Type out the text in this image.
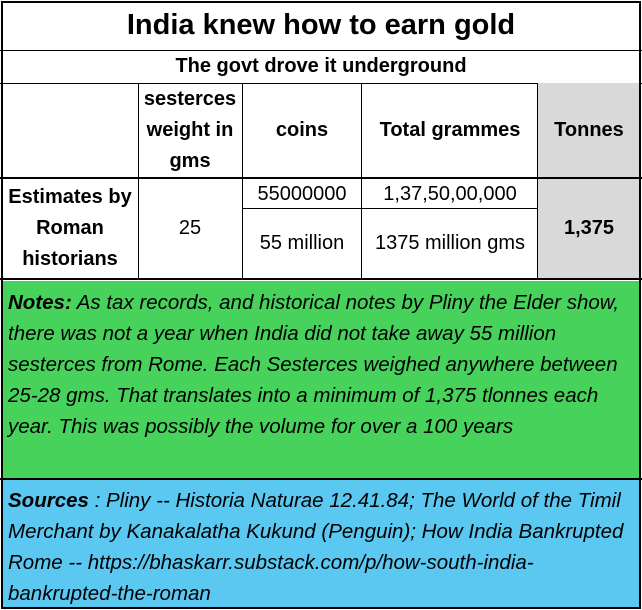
India knew how to earn gold
The govt drove it underground
sesterces weight in gms
coins	Total grammes	Tonnes
Estimates by Roman historians
25
55000000
55 million
1,37,50,00,000
1375 million gms
1,375
Notes: As tax records, and historical notes by Pliny the Elder show, there was not a year when India did not take away 55 million sesterces from Rome. Each Sesterces weighed anywhere between 25-28 gms. That translates into a minimum of 1,375 tlonnes each year. This was possibly the volume for over a 100 years
Sources : Pliny -- Historia Naturae 12.41.84; The World of the Timil Merchant by Kanakalatha Kukund (Penguin); How India Bankrupted Rome -- https://bhaskarr.substack.com/p/how-south-india-bankrupted-the-roman
